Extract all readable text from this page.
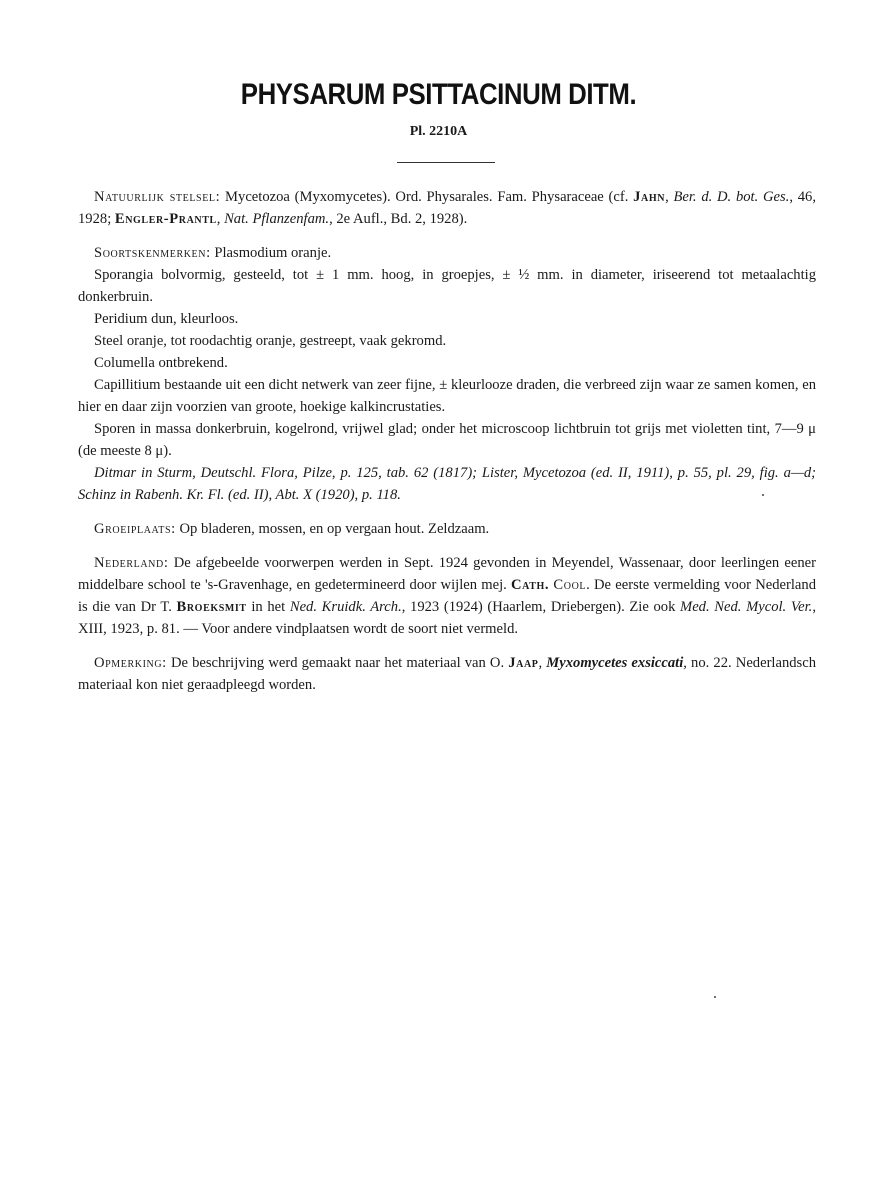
PHYSARUM PSITTACINUM DITM.
Pl. 2210A

Natuurlijk stelsel: Mycetozoa (Myxomycetes). Ord. Physarales. Fam. Physaraceae (cf. Jahn, Ber. d. D. bot. Ges., 46, 1928; Engler-Prantl, Nat. Pflanzenfam., 2e Aufl., Bd. 2, 1928).

Soortskenmerken: Plasmodium oranje.

Sporangia bolvormig, gesteeld, tot ± 1 mm. hoog, in groepjes, ± ½ mm. in diameter, iriseerend tot metaalachtig donkerbruin.

Peridium dun, kleurloos.

Steel oranje, tot roodachtig oranje, gestreept, vaak gekromd.

Columella ontbrekend.

Capillitium bestaande uit een dicht netwerk van zeer fijne, ± kleurlooze draden, die verbreed zijn waar ze samen komen, en hier en daar zijn voorzien van groote, hoekige kalkincrustaties.

Sporen in massa donkerbruin, kogelrond, vrijwel glad; onder het microscoop lichtbruin tot grijs met violetten tint, 7—9 μ (de meeste 8 μ).

Ditmar in Sturm, Deutschl. Flora, Pilze, p. 125, tab. 62 (1817); Lister, Mycetozoa (ed. II, 1911), p. 55, pl. 29, fig. a—d; Schinz in Rabenh. Kr. Fl. (ed. II), Abt. X (1920), p. 118.

Groeiplaats: Op bladeren, mossen, en op vergaan hout. Zeldzaam.

Nederland: De afgebeelde voorwerpen werden in Sept. 1924 gevonden in Meyendel, Wassenaar, door leerlingen eener middelbare school te 's-Gravenhage, en gedetermineerd door wijlen mej. Cath. Cool. De eerste vermelding voor Nederland is die van Dr T. Broeksmit in het Ned. Kruidk. Arch., 1923 (1924) (Haarlem, Driebergen). Zie ook Med. Ned. Mycol. Ver., XIII, 1923, p. 81. — Voor andere vindplaatsen wordt de soort niet vermeld.

Opmerking: De beschrijving werd gemaakt naar het materiaal van O. Jaap, Myxomycetes exsiccati, no. 22. Nederlandsch materiaal kon niet geraadpleegd worden.
